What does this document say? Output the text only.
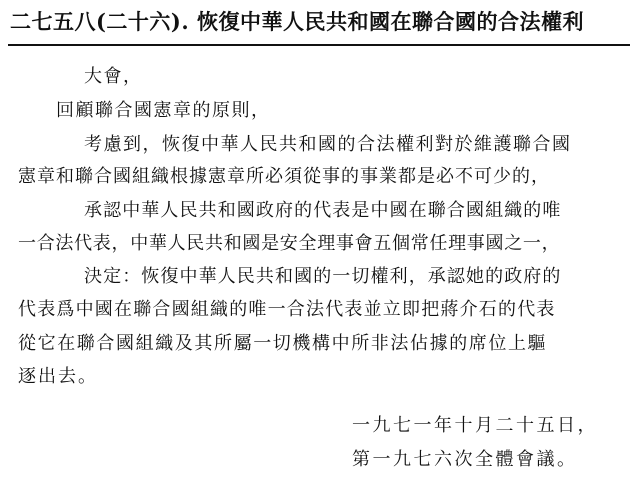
二七五八(二十六). 恢復中華人民共和國在聯合國的合法權利
大會，
回顧聯合國憲章的原則，
考慮到，恢復中華人民共和國的合法權利對於維護聯合國
憲章和聯合國組織根據憲章所必須從事的事業都是必不可少的，
承認中華人民共和國政府的代表是中國在聯合國組織的唯
一合法代表，中華人民共和國是安全理事會五個常任理事國之一，
決定：恢復中華人民共和國的一切權利，承認她的政府的
代表爲中國在聯合國組織的唯一合法代表並立即把蔣介石的代表
從它在聯合國組織及其所屬一切機構中所非法佔據的席位上驅
逐出去。
一九七一年十月二十五日，
第一九七六次全體會議。
